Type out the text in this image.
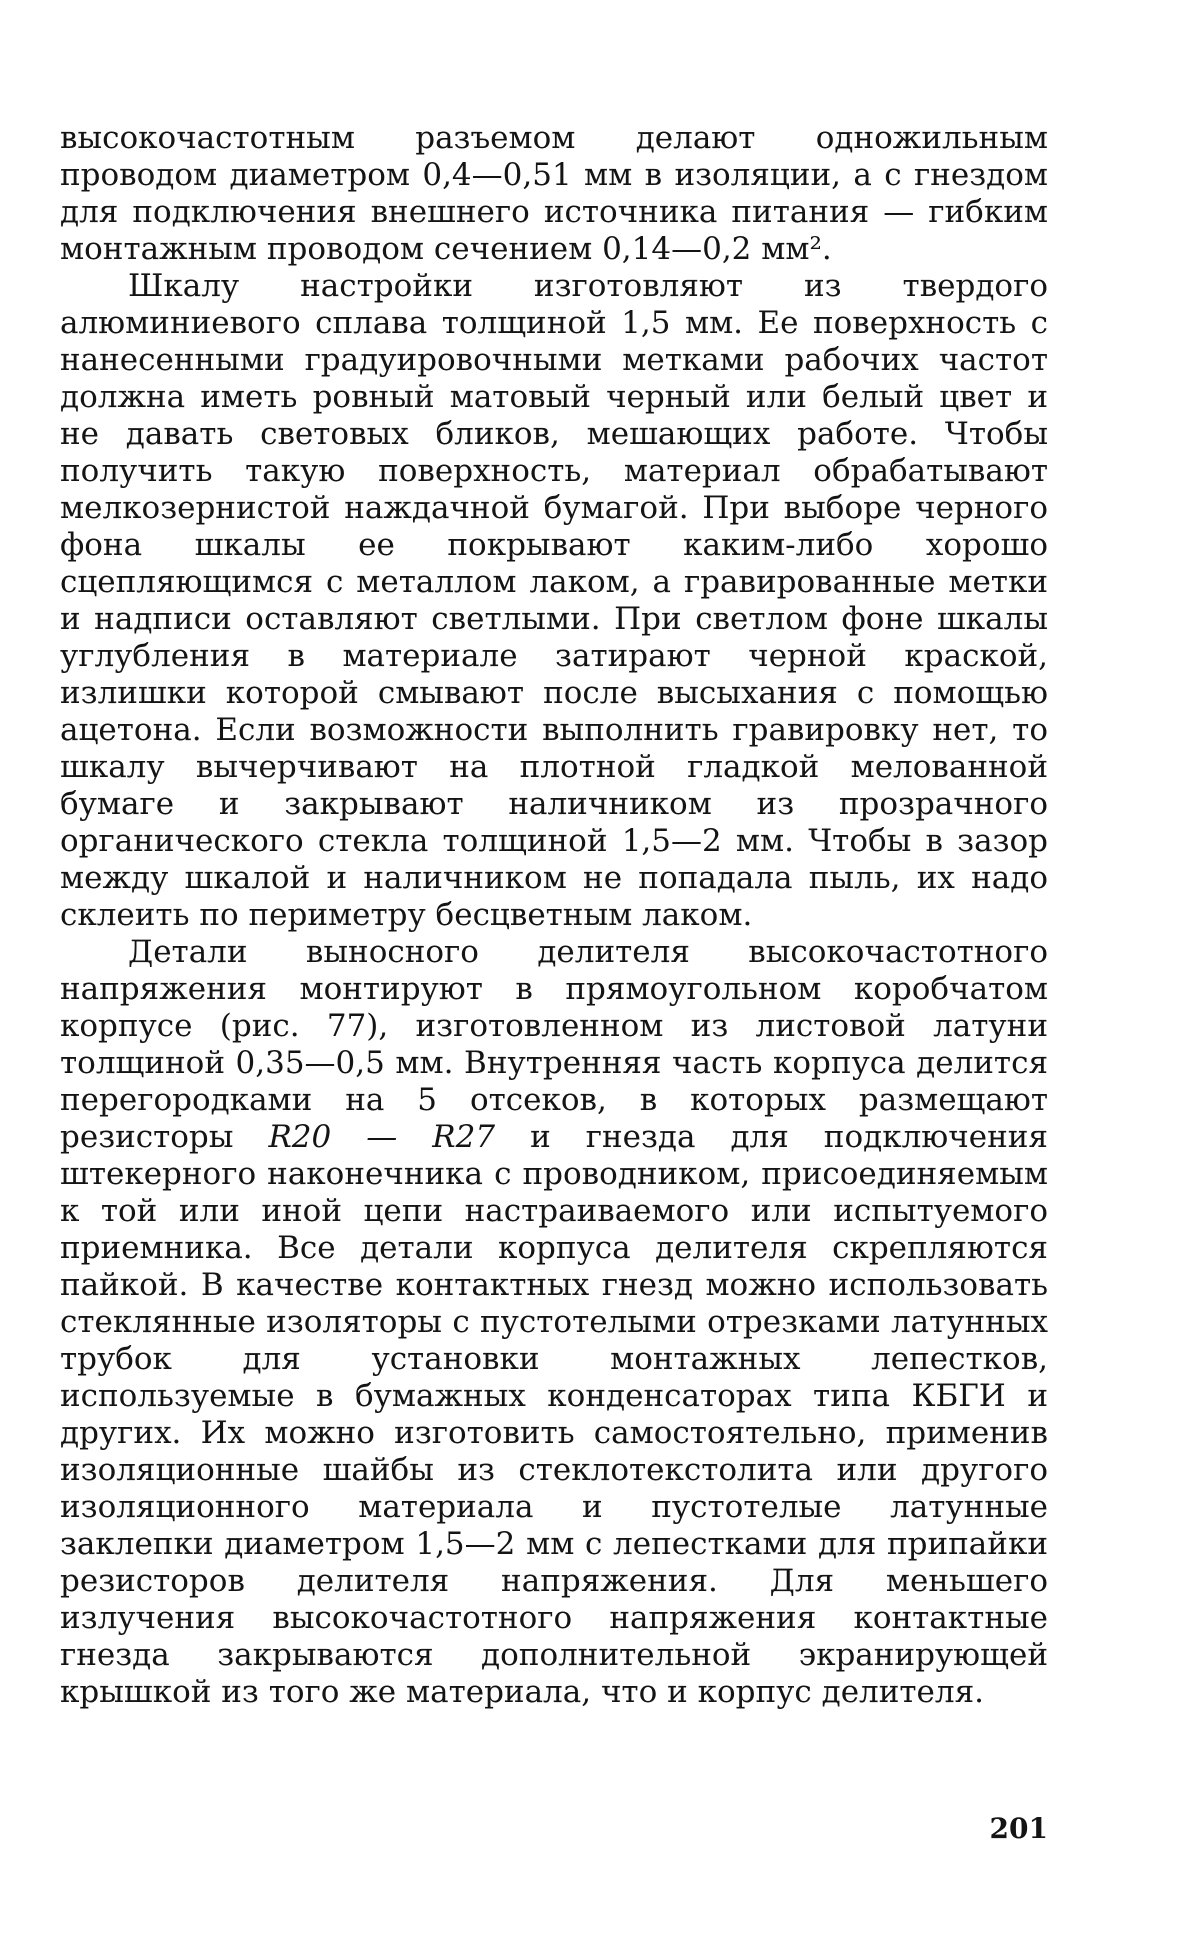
высокочастотным разъемом делают одножильным проводом диаметром 0,4—0,51 мм в изоляции, а с гнездом для подключения внешнего источника питания — гибким монтажным проводом сечением 0,14—0,2 мм².

Шкалу настройки изготовляют из твердого алюминиевого сплава толщиной 1,5 мм. Ее поверхность с нанесенными градуировочными метками рабочих частот должна иметь ровный матовый черный или белый цвет и не давать световых бликов, мешающих работе. Чтобы получить такую поверхность, материал обрабатывают мелкозернистой наждачной бумагой. При выборе черного фона шкалы ее покрывают каким-либо хорошо сцепляющимся с металлом лаком, а гравированные метки и надписи оставляют светлыми. При светлом фоне шкалы углубления в материале затирают черной краской, излишки которой смывают после высыхания с помощью ацетона. Если возможности выполнить гравировку нет, то шкалу вычерчивают на плотной гладкой мелованной бумаге и закрывают наличником из прозрачного органического стекла толщиной 1,5—2 мм. Чтобы в зазор между шкалой и наличником не попадала пыль, их надо склеить по периметру бесцветным лаком.

Детали выносного делителя высокочастотного напряжения монтируют в прямоугольном коробчатом корпусе (рис. 77), изготовленном из листовой латуни толщиной 0,35—0,5 мм. Внутренняя часть корпуса делится перегородками на 5 отсеков, в которых размещают резисторы R20 — R27 и гнезда для подключения штекерного наконечника с проводником, присоединяемым к той или иной цепи настраиваемого или испытуемого приемника. Все детали корпуса делителя скрепляются пайкой. В качестве контактных гнезд можно использовать стеклянные изоляторы с пустотелыми отрезками латунных трубок для установки монтажных лепестков, используемые в бумажных конденсаторах типа КБГИ и других. Их можно изготовить самостоятельно, применив изоляционные шайбы из стеклотекстолита или другого изоляционного материала и пустотелые латунные заклепки диаметром 1,5—2 мм с лепестками для припайки резисторов делителя напряжения. Для меньшего излучения высокочастотного напряжения контактные гнезда закрываются дополнительной экранирующей крышкой из того же материала, что и корпус делителя.

201
